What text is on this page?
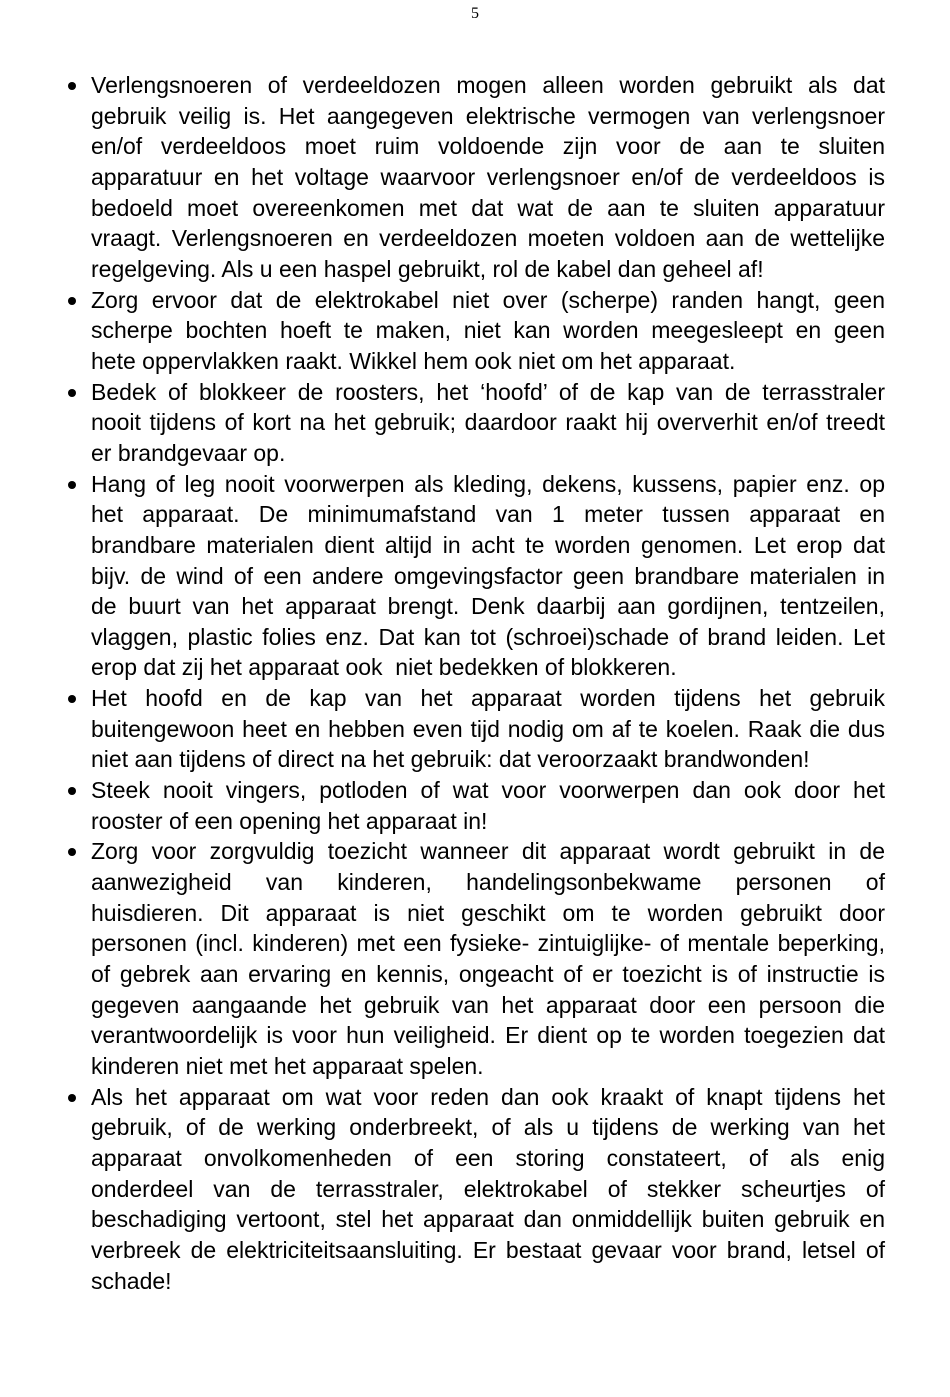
5
Verlengsnoeren of verdeeldozen mogen alleen worden gebruikt als dat
gebruik veilig is. Het aangegeven elektrische vermogen van verlengsnoer
en/of verdeeldoos moet ruim voldoende zijn voor de aan te sluiten
apparatuur en het voltage waarvoor verlengsnoer en/of de verdeeldoos is
bedoeld moet overeenkomen met dat wat de aan te sluiten apparatuur
vraagt. Verlengsnoeren en verdeeldozen moeten voldoen aan de wettelijke
regelgeving. Als u een haspel gebruikt, rol de kabel dan geheel af!
Zorg ervoor dat de elektrokabel niet over (scherpe) randen hangt, geen
scherpe bochten hoeft te maken, niet kan worden meegesleept en geen
hete oppervlakken raakt. Wikkel hem ook niet om het apparaat.
Bedek of blokkeer de roosters, het ‘hoofd’ of de kap van de terrasstraler
nooit tijdens of kort na het gebruik; daardoor raakt hij oververhit en/of treedt
er brandgevaar op.
Hang of leg nooit voorwerpen als kleding, dekens, kussens, papier enz. op
het apparaat. De minimumafstand van 1 meter tussen apparaat en
brandbare materialen dient altijd in acht te worden genomen. Let erop dat
bijv. de wind of een andere omgevingsfactor geen brandbare materialen in
de buurt van het apparaat brengt. Denk daarbij aan gordijnen, tentzeilen,
vlaggen, plastic folies enz. Dat kan tot (schroei)schade of brand leiden. Let
erop dat zij het apparaat ook  niet bedekken of blokkeren.
Het hoofd en de kap van het apparaat worden tijdens het gebruik
buitengewoon heet en hebben even tijd nodig om af te koelen. Raak die dus
niet aan tijdens of direct na het gebruik: dat veroorzaakt brandwonden!
Steek nooit vingers, potloden of wat voor voorwerpen dan ook door het
rooster of een opening het apparaat in!
Zorg voor zorgvuldig toezicht wanneer dit apparaat wordt gebruikt in de
aanwezigheid van kinderen, handelingsonbekwame personen of
huisdieren. Dit apparaat is niet geschikt om te worden gebruikt door
personen (incl. kinderen) met een fysieke- zintuiglijke- of mentale beperking,
of gebrek aan ervaring en kennis, ongeacht of er toezicht is of instructie is
gegeven aangaande het gebruik van het apparaat door een persoon die
verantwoordelijk is voor hun veiligheid. Er dient op te worden toegezien dat
kinderen niet met het apparaat spelen.
Als het apparaat om wat voor reden dan ook kraakt of knapt tijdens het
gebruik, of de werking onderbreekt, of als u tijdens de werking van het
apparaat onvolkomenheden of een storing constateert, of als enig
onderdeel van de terrasstraler, elektrokabel of stekker scheurtjes of
beschadiging vertoont, stel het apparaat dan onmiddellijk buiten gebruik en
verbreek de elektriciteitsaansluiting. Er bestaat gevaar voor brand, letsel of
schade!
